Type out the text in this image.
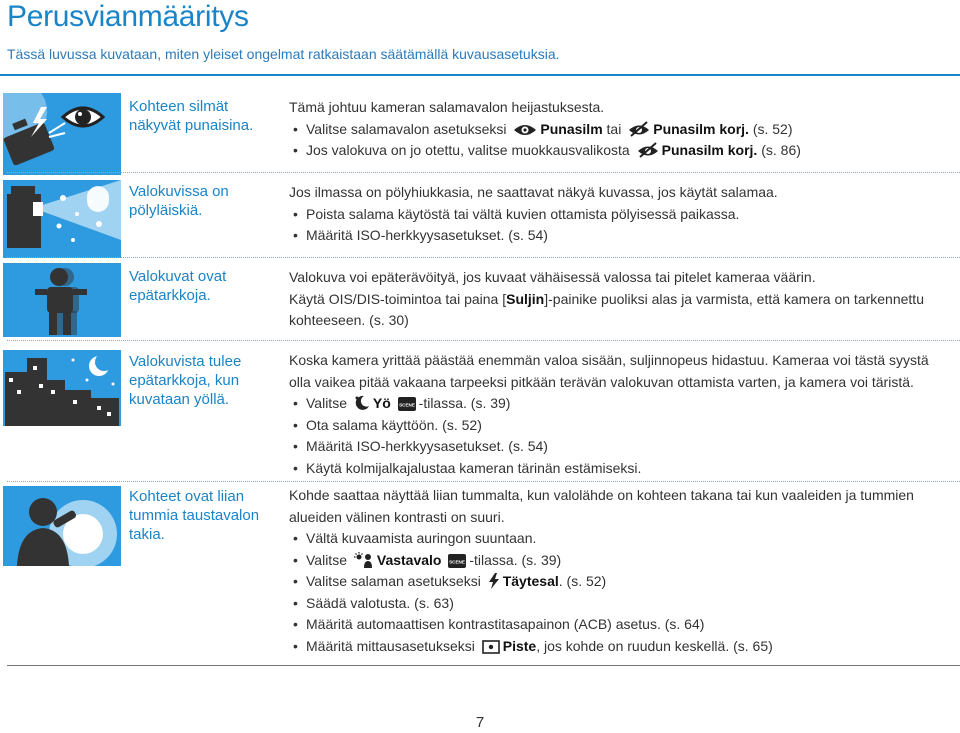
Perusvianmääritys

Tässä luvussa kuvataan, miten yleiset ongelmat ratkaistaan säätämällä kuvausasetuksia.

Kohteen silmät näkyvät punaisina.

Tämä johtuu kameran salamavalon heijastuksesta.

• Valitse salamavalon asetukseksi Punasilm tai Punasilm korj. (s. 52)
• Jos valokuva on jo otettu, valitse muokkausvalikosta Punasilm korj. (s. 86)
Valokuvissa on pölyläiskiä.

Jos ilmassa on pölyhiukkasia, ne saattavat näkyä kuvassa, jos käytät salamaa.

• Poista salama käytöstä tai vältä kuvien ottamista pölyisessä paikassa.
• Määritä ISO-herkkyysasetukset. (s. 54)
Valokuvat ovat epätarkkoja.

Valokuva voi epäterävöityä, jos kuvaat vähäisessä valossa tai pitelet kameraa väärin.

Käytä OIS/DIS-toimintoa tai paina [Suljin]-painike puoliksi alas ja varmista, että kamera on tarkennettu kohteeseen. (s. 30)

Valokuvista tulee epätarkkoja, kun kuvataan yöllä.

Koska kamera yrittää päästää enemmän valoa sisään, suljinnopeus hidastuu. Kameraa voi tästä syystä olla vaikea pitää vakaana tarpeeksi pitkään terävän valokuvan ottamista varten, ja kamera voi täristä.

• Valitse Yö SCENE -tilassa. (s. 39)
• Ota salama käyttöön. (s. 52)
• Määritä ISO-herkkyysasetukset. (s. 54)
• Käytä kolmijalkajalustaa kameran tärinän estämiseksi.
Kohteet ovat liian tummia taustavalon takia.

Kohde saattaa näyttää liian tummalta, kun valolähde on kohteen takana tai kun vaaleiden ja tummien alueiden välinen kontrasti on suuri.

• Vältä kuvaamista auringon suuntaan.
• Valitse Vastavalo SCENE -tilassa. (s. 39)
• Valitse salaman asetukseksi Täytesal. (s. 52)
• Säädä valotusta. (s. 63)
• Määritä automaattisen kontrastitasapainon (ACB) asetus. (s. 64)
• Määritä mittausasetukseksi Piste, jos kohde on ruudun keskellä. (s. 65)
7
